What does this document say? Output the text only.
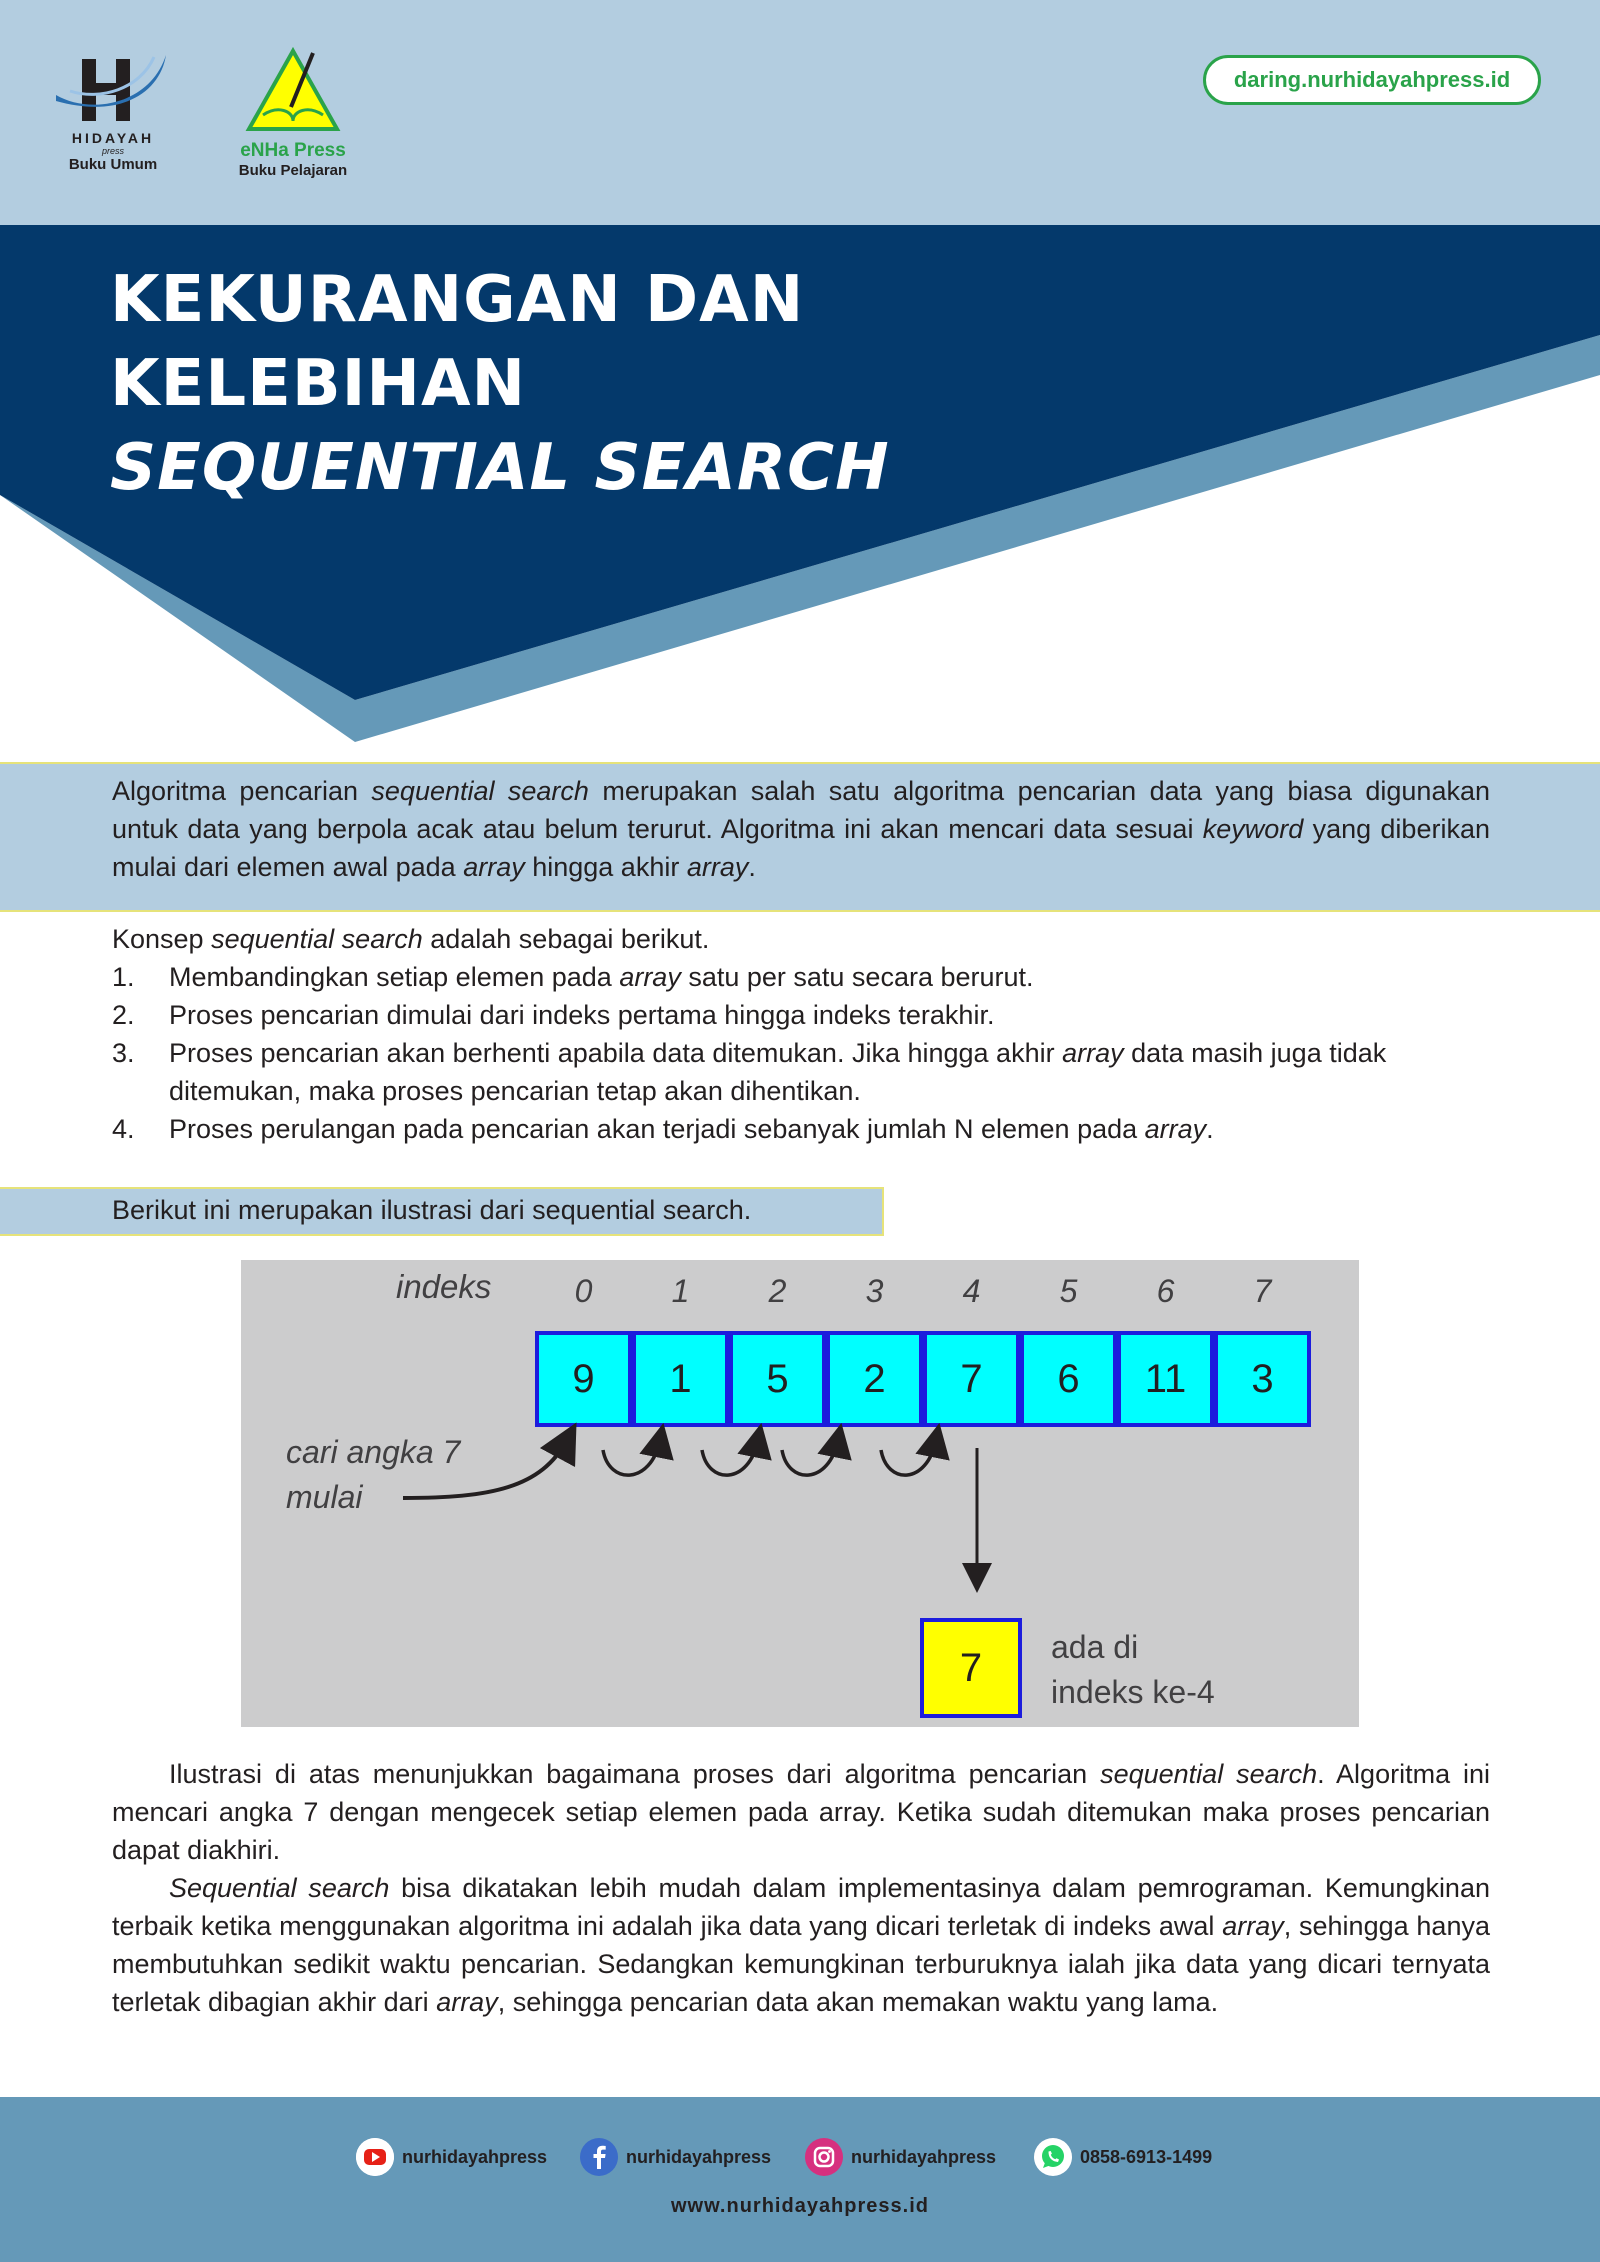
HIDAYAH
press
Buku Umum
eNHa Press
Buku Pelajaran
daring.nurhidayahpress.id
KEKURANGAN DAN
KELEBIHAN
SEQUENTIAL SEARCH
Algoritma pencarian sequential search merupakan salah satu algoritma pencarian data yang biasa digunakan untuk data yang berpola acak atau belum terurut. Algoritma ini akan mencari data sesuai keyword yang diberikan mulai dari elemen awal pada array hingga akhir array.
Konsep sequential search adalah sebagai berikut.
1. Membandingkan setiap elemen pada array satu per satu secara berurut.
2. Proses pencarian dimulai dari indeks pertama hingga indeks terakhir.
3. Proses pencarian akan berhenti apabila data ditemukan. Jika hingga akhir array data masih juga tidak ditemukan, maka proses pencarian tetap akan dihentikan.
4. Proses perulangan pada pencarian akan terjadi sebanyak jumlah N elemen pada array.
Berikut ini merupakan ilustrasi dari sequential search.
indeks	0	1	2	3	4	5	6	7
9	1	5	2	7	6	11	3
cari angka 7
mulai
7	ada di
indeks ke-4

Ilustrasi di atas menunjukkan bagaimana proses dari algoritma pencarian sequential search. Algoritma ini mencari angka 7 dengan mengecek setiap elemen pada array. Ketika sudah ditemukan maka proses pencarian dapat diakhiri.

Sequential search bisa dikatakan lebih mudah dalam implementasinya dalam pemrograman. Kemungkinan terbaik ketika menggunakan algoritma ini adalah jika data yang dicari terletak di indeks awal array, sehingga hanya membutuhkan sedikit waktu pencarian. Sedangkan kemungkinan terburuknya ialah jika data yang dicari ternyata terletak dibagian akhir dari array, sehingga pencarian data akan memakan waktu yang lama.

nurhidayahpress	nurhidayahpress	nurhidayahpress	0858-6913-1499
www.nurhidayahpress.id
